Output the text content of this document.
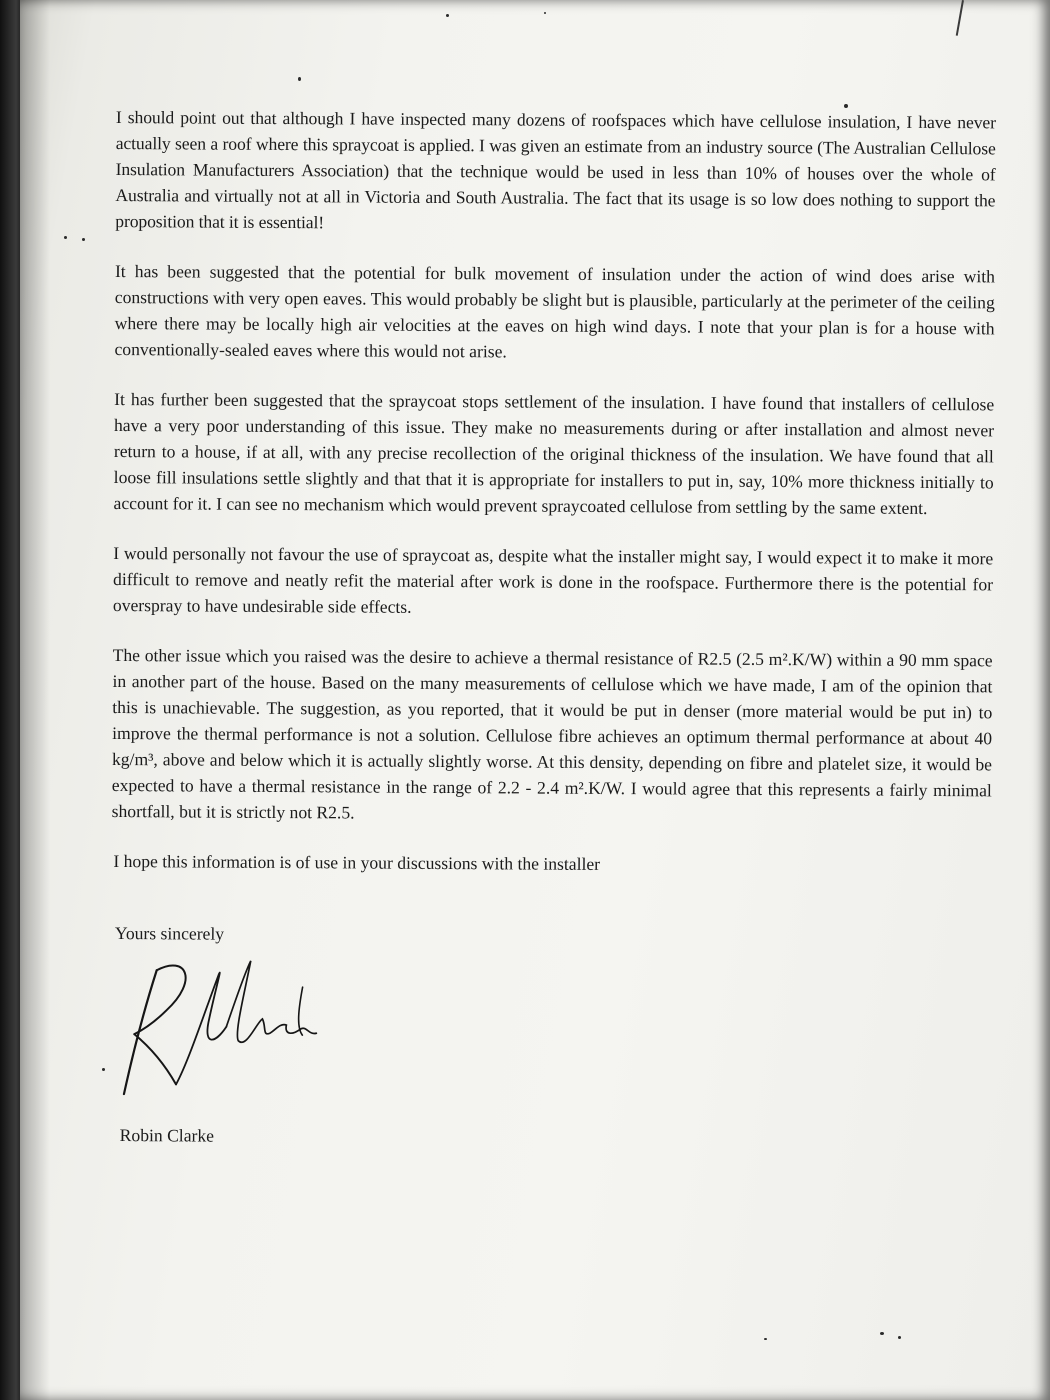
I should point out that although I have inspected many dozens of roofspaces which have cellulose insulation, I have never actually seen a roof where this spraycoat is applied. I was given an estimate from an industry source (The Australian Cellulose Insulation Manufacturers Association) that the technique would be used in less than 10% of houses over the whole of Australia and virtually not at all in Victoria and South Australia. The fact that its usage is so low does nothing to support the proposition that it is essential!

It has been suggested that the potential for bulk movement of insulation under the action of wind does arise with constructions with very open eaves. This would probably be slight but is plausible, particularly at the perimeter of the ceiling where there may be locally high air velocities at the eaves on high wind days. I note that your plan is for a house with conventionally-sealed eaves where this would not arise.

It has further been suggested that the spraycoat stops settlement of the insulation. I have found that installers of cellulose have a very poor understanding of this issue. They make no measurements during or after installation and almost never return to a house, if at all, with any precise recollection of the original thickness of the insulation. We have found that all loose fill insulations settle slightly and that that it is appropriate for installers to put in, say, 10% more thickness initially to account for it. I can see no mechanism which would prevent spraycoated cellulose from settling by the same extent.

I would personally not favour the use of spraycoat as, despite what the installer might say, I would expect it to make it more difficult to remove and neatly refit the material after work is done in the roofspace. Furthermore there is the potential for overspray to have undesirable side effects.

The other issue which you raised was the desire to achieve a thermal resistance of R2.5 (2.5 m².K/W) within a 90 mm space in another part of the house. Based on the many measurements of cellulose which we have made, I am of the opinion that this is unachievable. The suggestion, as you reported, that it would be put in denser (more material would be put in) to improve the thermal performance is not a solution. Cellulose fibre achieves an optimum thermal performance at about 40 kg/m³, above and below which it is actually slightly worse. At this density, depending on fibre and platelet size, it would be expected to have a thermal resistance in the range of 2.2 - 2.4 m².K/W. I would agree that this represents a fairly minimal shortfall, but it is strictly not R2.5.

I hope this information is of use in your discussions with the installer
Yours sincerely
Robin Clarke
